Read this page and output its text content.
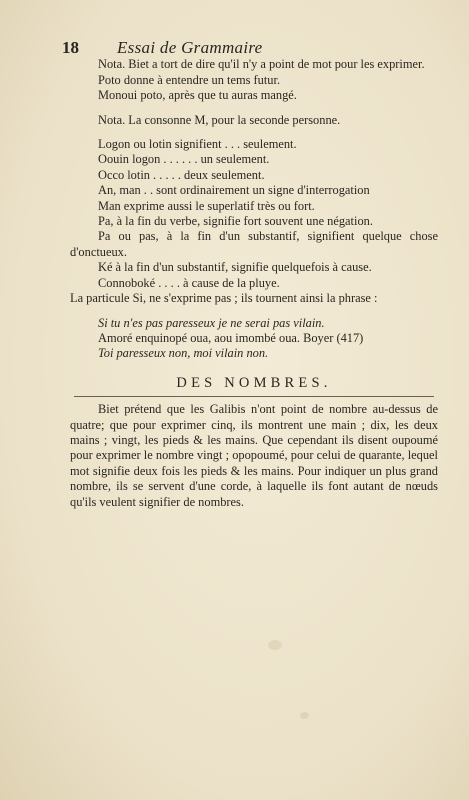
18	Essai de Grammaire

Nota. Biet a tort de dire qu'il n'y a point de mot pour les exprimer.

Poto donne à entendre un tems futur.

Monoui poto, après que tu auras mangé.

Nota. La consonne M, pour la seconde personne.

Logon ou lotin signifient . . . seulement.

Oouin logon . . . . . . un seulement.

Occo lotin . . . . . deux seulement.

An, man . . sont ordinairement un signe d'interrogation

Man exprime aussi le superlatif très ou fort.

Pa, à la fin du verbe, signifie fort souvent une négation.

Pa ou pas, à la fin d'un substantif, signifient quelque chose d'onctueux.

Ké à la fin d'un substantif, signifie quelquefois à cause.

Connoboké . . . . à cause de la pluye.

La particule Si, ne s'exprime pas ; ils tournent ainsi la phrase :

Si tu n'es pas paresseux je ne serai pas vilain.

Amoré enquinopé oua, aou imombé oua. Boyer (417)

Toi paresseux non, moi vilain non.

DES NOMBRES.

Biet prétend que les Galibis n'ont point de nombre au-dessus de quatre; que pour exprimer cinq, ils montrent une main ; dix, les deux mains ; vingt, les pieds & les mains. Que cependant ils disent oupoumé pour exprimer le nombre vingt ; opopoumé, pour celui de quarante, lequel mot signifie deux fois les pieds & les mains. Pour indiquer un plus grand nombre, ils se servent d'une corde, à laquelle ils font autant de nœuds qu'ils veulent signifier de nombres.
